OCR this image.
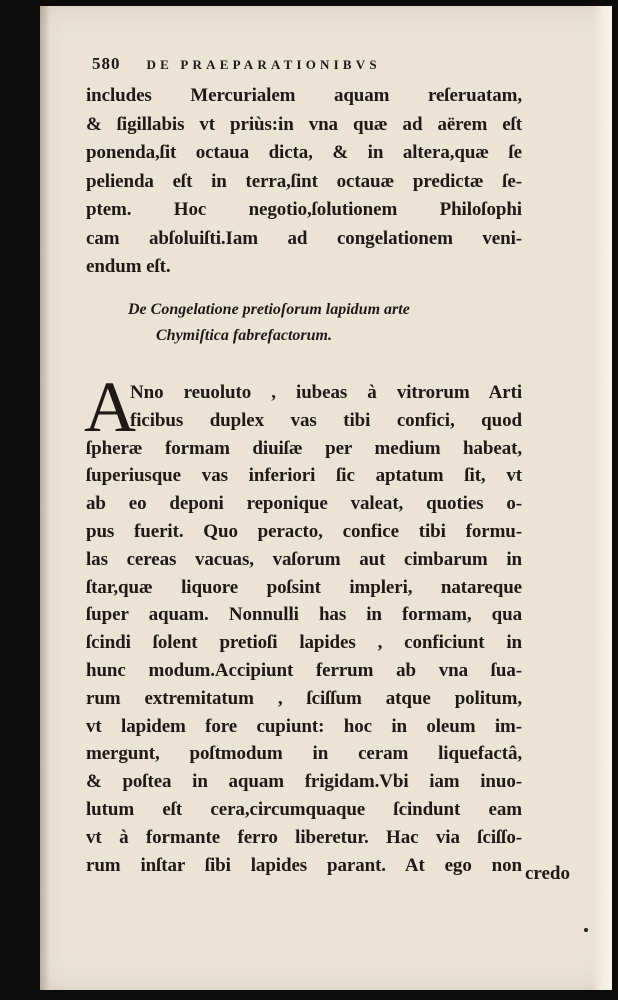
580 DE PRAEPARATIONIBVS
includes Mercurialem aquam reſeruatam,
& ſigillabis vt priùs:in vna quæ ad aërem eſt
ponenda,ſit octaua dicta, & in altera,quæ ſe
pelienda eſt in terra,ſint octauæ predictæ ſe-
ptem. Hoc negotio,ſolutionem Philoſophi
cam abſoluiſti.Iam ad congelationem veni-
endum eſt.
De Congelatione pretioſorum lapidum arte
Chymiſtica fabrefactorum.
A
Nno reuoluto , iubeas à vitrorum Arti
ficibus duplex vas tibi confici, quod
ſpheræ formam diuiſæ per medium habeat,
ſuperiusque vas inferiori ſic aptatum ſit, vt
ab eo deponi reponique valeat, quoties o-
pus fuerit. Quo peracto, confice tibi formu-
las cereas vacuas, vaſorum aut cimbarum in
ſtar,quæ liquore poſsint impleri, natareque
ſuper aquam. Nonnulli has in formam, qua
ſcindi ſolent pretioſi lapides , conficiunt in
hunc modum.Accipiunt ferrum ab vna ſua-
rum extremitatum , ſciſſum atque politum,
vt lapidem fore cupiunt: hoc in oleum im-
mergunt, poſtmodum in ceram liquefactâ,
& poſtea in aquam frigidam.Vbi iam inuo-
lutum eſt cera,circumquaque ſcindunt eam
vt à formante ferro liberetur. Hac via ſciſſo-
rum inſtar ſibi lapides parant. At ego non credo
